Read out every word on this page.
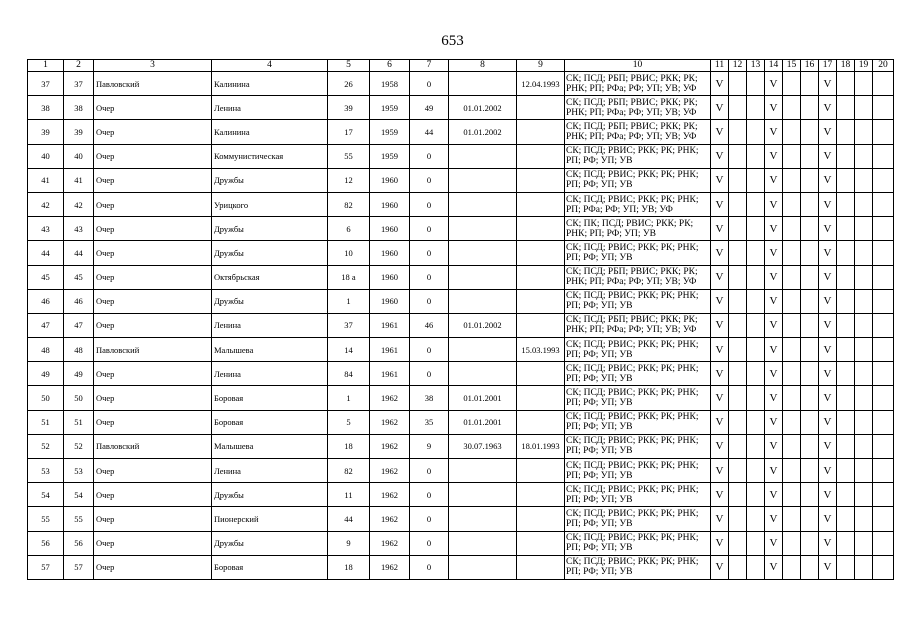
653
1	2	3	4	5	6	7	8	9	10	11	12	13	14	15	16	17	18	19	20
37	37	Павловский	Калинина	26	1958	0		12.04.1993	СК; ПСД; РБП; РВИС; РКК; РК; РНК; РП; РФа; РФ; УП; УВ; УФ	V			V			V			
38	38	Очер	Ленина	39	1959	49	01.01.2002		СК; ПСД; РБП; РВИС; РКК; РК; РНК; РП; РФа; РФ; УП; УВ; УФ	V			V			V			
39	39	Очер	Калинина	17	1959	44	01.01.2002		СК; ПСД; РБП; РВИС; РКК; РК; РНК; РП; РФа; РФ; УП; УВ; УФ	V			V			V			
40	40	Очер	Коммунистическая	55	1959	0			СК; ПСД; РВИС; РКК; РК; РНК; РП; РФ; УП; УВ	V			V			V			
41	41	Очер	Дружбы	12	1960	0			СК; ПСД; РВИС; РКК; РК; РНК; РП; РФ; УП; УВ	V			V			V			
42	42	Очер	Урицкого	82	1960	0			СК; ПСД; РВИС; РКК; РК; РНК; РП; РФа; РФ; УП; УВ; УФ	V			V			V			
43	43	Очер	Дружбы	6	1960	0			СК; ПК; ПСД; РВИС; РКК; РК; РНК; РП; РФ; УП; УВ	V			V			V			
44	44	Очер	Дружбы	10	1960	0			СК; ПСД; РВИС; РКК; РК; РНК; РП; РФ; УП; УВ	V			V			V			
45	45	Очер	Октябрьская	18 а	1960	0			СК; ПСД; РБП; РВИС; РКК; РК; РНК; РП; РФа; РФ; УП; УВ; УФ	V			V			V			
46	46	Очер	Дружбы	1	1960	0			СК; ПСД; РВИС; РКК; РК; РНК; РП; РФ; УП; УВ	V			V			V			
47	47	Очер	Ленина	37	1961	46	01.01.2002		СК; ПСД; РБП; РВИС; РКК; РК; РНК; РП; РФа; РФ; УП; УВ; УФ	V			V			V			
48	48	Павловский	Малышева	14	1961	0		15.03.1993	СК; ПСД; РВИС; РКК; РК; РНК; РП; РФ; УП; УВ	V			V			V			
49	49	Очер	Ленина	84	1961	0			СК; ПСД; РВИС; РКК; РК; РНК; РП; РФ; УП; УВ	V			V			V			
50	50	Очер	Боровая	1	1962	38	01.01.2001		СК; ПСД; РВИС; РКК; РК; РНК; РП; РФ; УП; УВ	V			V			V			
51	51	Очер	Боровая	5	1962	35	01.01.2001		СК; ПСД; РВИС; РКК; РК; РНК; РП; РФ; УП; УВ	V			V			V			
52	52	Павловский	Малышева	18	1962	9	30.07.1963	18.01.1993	СК; ПСД; РВИС; РКК; РК; РНК; РП; РФ; УП; УВ	V			V			V			
53	53	Очер	Ленина	82	1962	0			СК; ПСД; РВИС; РКК; РК; РНК; РП; РФ; УП; УВ	V			V			V			
54	54	Очер	Дружбы	11	1962	0			СК; ПСД; РВИС; РКК; РК; РНК; РП; РФ; УП; УВ	V			V			V			
55	55	Очер	Пионерский	44	1962	0			СК; ПСД; РВИС; РКК; РК; РНК; РП; РФ; УП; УВ	V			V			V			
56	56	Очер	Дружбы	9	1962	0			СК; ПСД; РВИС; РКК; РК; РНК; РП; РФ; УП; УВ	V			V			V			
57	57	Очер	Боровая	18	1962	0			СК; ПСД; РВИС; РКК; РК; РНК; РП; РФ; УП; УВ	V			V			V			
